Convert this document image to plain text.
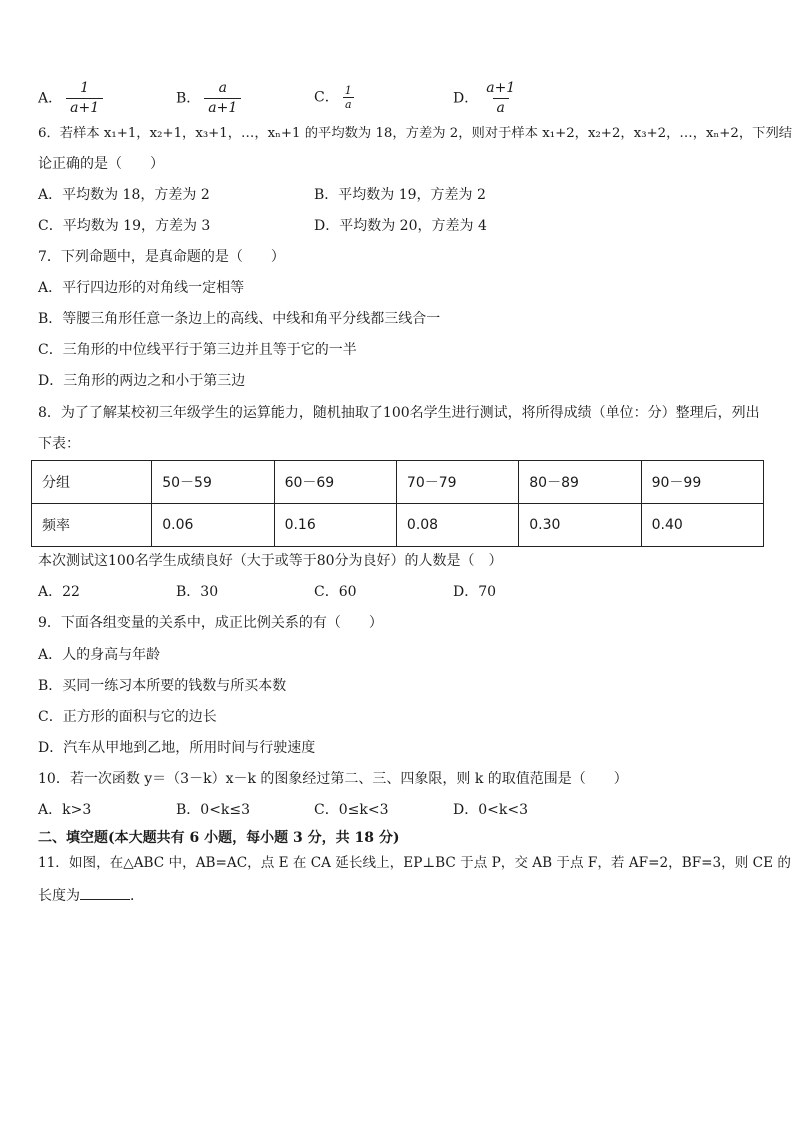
A． $\frac{1}{a+1}$	B． $\frac{a}{a+1}$	C． $\frac{1}{a}$	D． $\frac{a+1}{a}$
6．若样本 x₁+1，x₂+1，x₃+1，…，xₙ+1 的平均数为 18，方差为 2，则对于样本 x₁+2，x₂+2，x₃+2，…，xₙ+2，下列结
论正确的是（　　）
A．平均数为 18，方差为 2	B．平均数为 19，方差为 2
C．平均数为 19，方差为 3	D．平均数为 20，方差为 4
7．下列命题中，是真命题的是（　　）
A．平行四边形的对角线一定相等
B．等腰三角形任意一条边上的高线、中线和角平分线都三线合一
C．三角形的中位线平行于第三边并且等于它的一半
D．三角形的两边之和小于第三边
8．为了了解某校初三年级学生的运算能力，随机抽取了100名学生进行测试，将所得成绩（单位：分）整理后，列出
下表：
分组	50－59	60－69	70－79	80－89	90－99
频率	0.06	0.16	0.08	0.30	0.40
本次测试这100名学生成绩良好（大于或等于80分为良好）的人数是（　）
A．22	B．30	C．60	D．70
9．下面各组变量的关系中，成正比例关系的有（　　）
A．人的身高与年龄
B．买同一练习本所要的钱数与所买本数
C．正方形的面积与它的边长
D．汽车从甲地到乙地，所用时间与行驶速度
10．若一次函数 y＝（3－k）x－k 的图象经过第二、三、四象限，则 k 的取值范围是（　　）
A．k>3	B．0<k≤3	C．0≤k<3	D．0<k<3
二、填空题(本大题共有 6 小题，每小题 3 分，共 18 分)
11．如图，在△ABC 中，AB=AC，点 E 在 CA 延长线上，EP⊥BC 于点 P，交 AB 于点 F，若 AF=2，BF=3，则 CE 的
长度为	．
